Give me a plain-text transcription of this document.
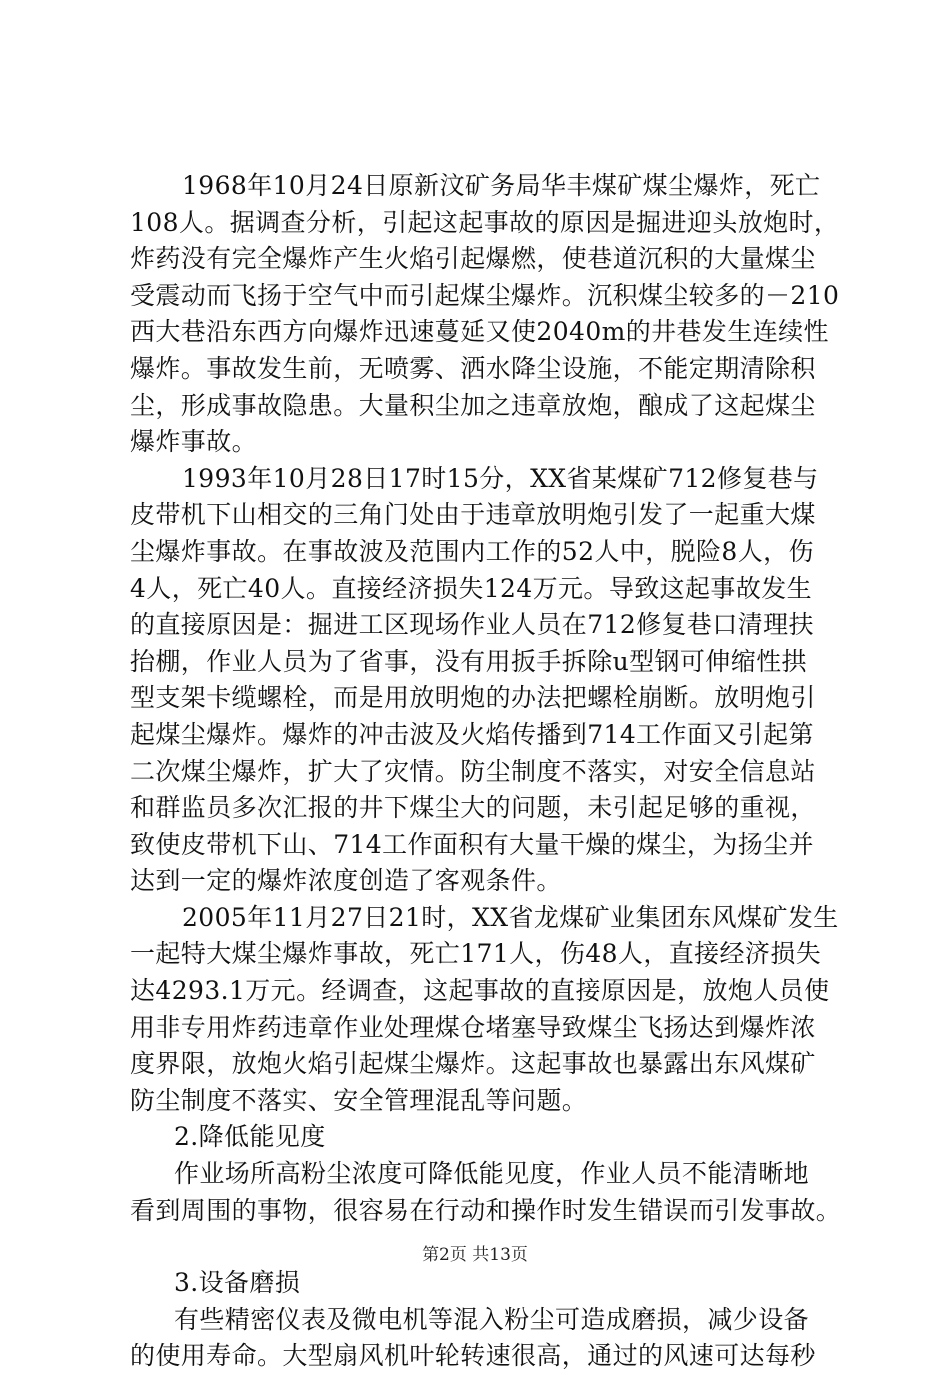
1968年10月24日原新汶矿务局华丰煤矿煤尘爆炸，死亡
108人。据调查分析，引起这起事故的原因是掘进迎头放炮时，
炸药没有完全爆炸产生火焰引起爆燃，使巷道沉积的大量煤尘
受震动而飞扬于空气中而引起煤尘爆炸。沉积煤尘较多的－210
西大巷沿东西方向爆炸迅速蔓延又使2040m的井巷发生连续性
爆炸。事故发生前，无喷雾、洒水降尘设施，不能定期清除积
尘，形成事故隐患。大量积尘加之违章放炮，酿成了这起煤尘
爆炸事故。
1993年10月28日17时15分，XX省某煤矿712修复巷与
皮带机下山相交的三角门处由于违章放明炮引发了一起重大煤
尘爆炸事故。在事故波及范围内工作的52人中，脱险8人，伤
4人，死亡40人。直接经济损失124万元。导致这起事故发生
的直接原因是：掘进工区现场作业人员在712修复巷口清理扶
抬棚，作业人员为了省事，没有用扳手拆除u型钢可伸缩性拱
型支架卡缆螺栓，而是用放明炮的办法把螺栓崩断。放明炮引
起煤尘爆炸。爆炸的冲击波及火焰传播到714工作面又引起第
二次煤尘爆炸，扩大了灾情。防尘制度不落实，对安全信息站
和群监员多次汇报的井下煤尘大的问题，未引起足够的重视，
致使皮带机下山、714工作面积有大量干燥的煤尘，为扬尘并
达到一定的爆炸浓度创造了客观条件。
2005年11月27日21时，XX省龙煤矿业集团东风煤矿发生
一起特大煤尘爆炸事故，死亡171人，伤48人，直接经济损失
达4293.1万元。经调查，这起事故的直接原因是，放炮人员使
用非专用炸药违章作业处理煤仓堵塞导致煤尘飞扬达到爆炸浓
度界限，放炮火焰引起煤尘爆炸。这起事故也暴露出东风煤矿
防尘制度不落实、安全管理混乱等问题。
2.降低能见度
作业场所高粉尘浓度可降低能见度，作业人员不能清晰地
看到周围的事物，很容易在行动和操作时发生错误而引发事故。
3.设备磨损
有些精密仪表及微电机等混入粉尘可造成磨损，减少设备
的使用寿命。大型扇风机叶轮转速很高，通过的风速可达每秒
第2页 共13页
